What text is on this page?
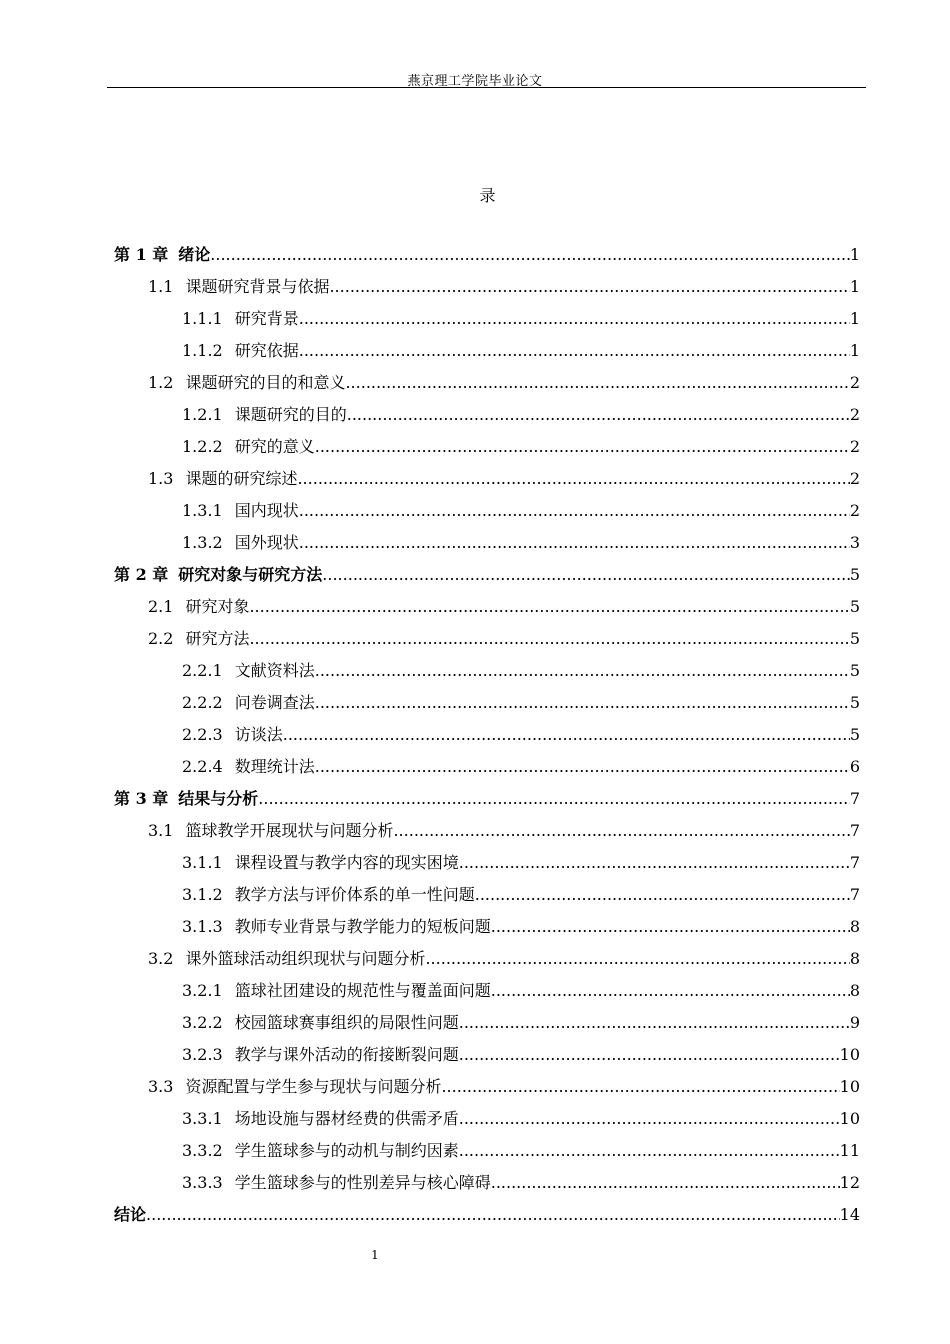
燕京理工学院毕业论文
录
第 1 章 绪论 .....	1
1.1 课题研究背景与依据 .....	1
1.1.1 研究背景 .....	1
1.1.2 研究依据 .....	1
1.2 课题研究的目的和意义 .....	2
1.2.1 课题研究的目的 .....	2
1.2.2 研究的意义 .....	2
1.3 课题的研究综述 .....	2
1.3.1 国内现状 .....	2
1.3.2 国外现状 .....	3
第 2 章 研究对象与研究方法 .....	5
2.1 研究对象 .....	5
2.2 研究方法 .....	5
2.2.1 文献资料法 .....	5
2.2.2 问卷调查法 .....	5
2.2.3 访谈法 .....	5
2.2.4 数理统计法 .....	6
第 3 章 结果与分析 .....	7
3.1 篮球教学开展现状与问题分析 .....	7
3.1.1 课程设置与教学内容的现实困境 .....	7
3.1.2 教学方法与评价体系的单一性问题 .....	7
3.1.3 教师专业背景与教学能力的短板问题 .....	8
3.2 课外篮球活动组织现状与问题分析 .....	8
3.2.1 篮球社团建设的规范性与覆盖面问题 .....	8
3.2.2 校园篮球赛事组织的局限性问题 .....	9
3.2.3 教学与课外活动的衔接断裂问题 .....	10
3.3 资源配置与学生参与现状与问题分析 .....	10
3.3.1 场地设施与器材经费的供需矛盾 .....	10
3.3.2 学生篮球参与的动机与制约因素 .....	11
3.3.3 学生篮球参与的性别差异与核心障碍 .....	12
结论 .....	14
1
